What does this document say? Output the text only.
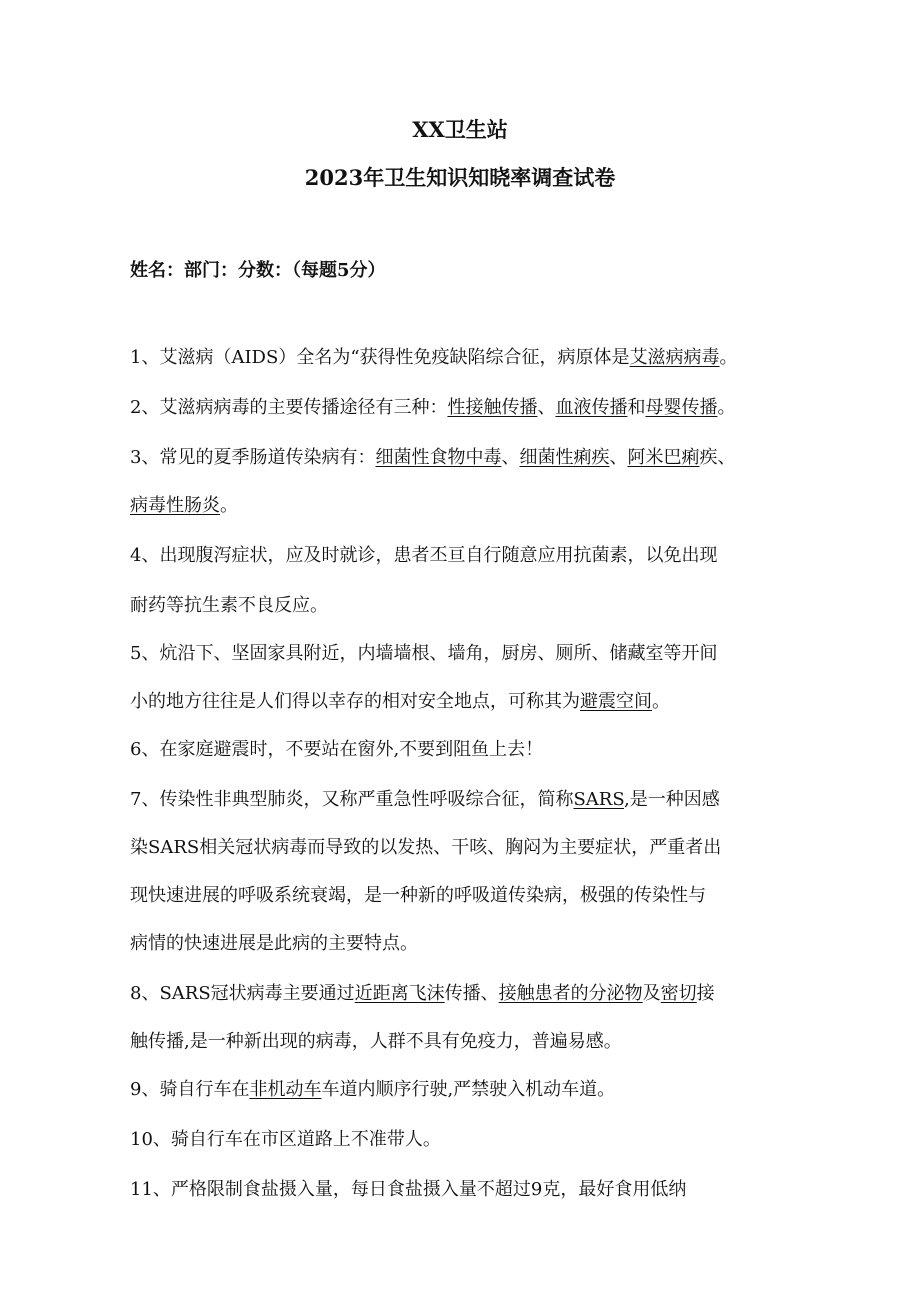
XX卫生站
2023年卫生知识知晓率调查试卷
姓名：部门：分数：（每题5分）
1、艾滋病（AIDS）全名为“获得性免疫缺陷综合征，病原体是艾滋病病毒。
2、艾滋病病毒的主要传播途径有三种：性接触传播、血液传播和母婴传播。
3、常见的夏季肠道传染病有：细菌性食物中毒、细菌性痢疾、阿米巴痢疾、
病毒性肠炎。
4、出现腹泻症状，应及时就诊，患者丕亘自行随意应用抗菌素，以免出现
耐药等抗生素不良反应。
5、炕沿下、坚固家具附近，内墙墙根、墙角，厨房、厕所、储藏室等开间
小的地方往往是人们得以幸存的相对安全地点，可称其为避震空间。
6、在家庭避震时，不要站在窗外,不要到阻鱼上去！
7、传染性非典型肺炎，又称严重急性呼吸综合征，简称SARS,是一种因感
染SARS相关冠状病毒而导致的以发热、干咳、胸闷为主要症状，严重者出
现快速进展的呼吸系统衰竭，是一种新的呼吸道传染病，极强的传染性与
病情的快速进展是此病的主要特点。
8、SARS冠状病毒主要通过近距离飞沫传播、接触患者的分泌物及密切接
触传播,是一种新出现的病毒，人群不具有免疫力，普遍易感。
9、骑自行车在非机动车车道内顺序行驶,严禁驶入机动车道。
10、骑自行车在市区道路上不准带人。
11、严格限制食盐摄入量，每日食盐摄入量不超过9克，最好食用低纳
